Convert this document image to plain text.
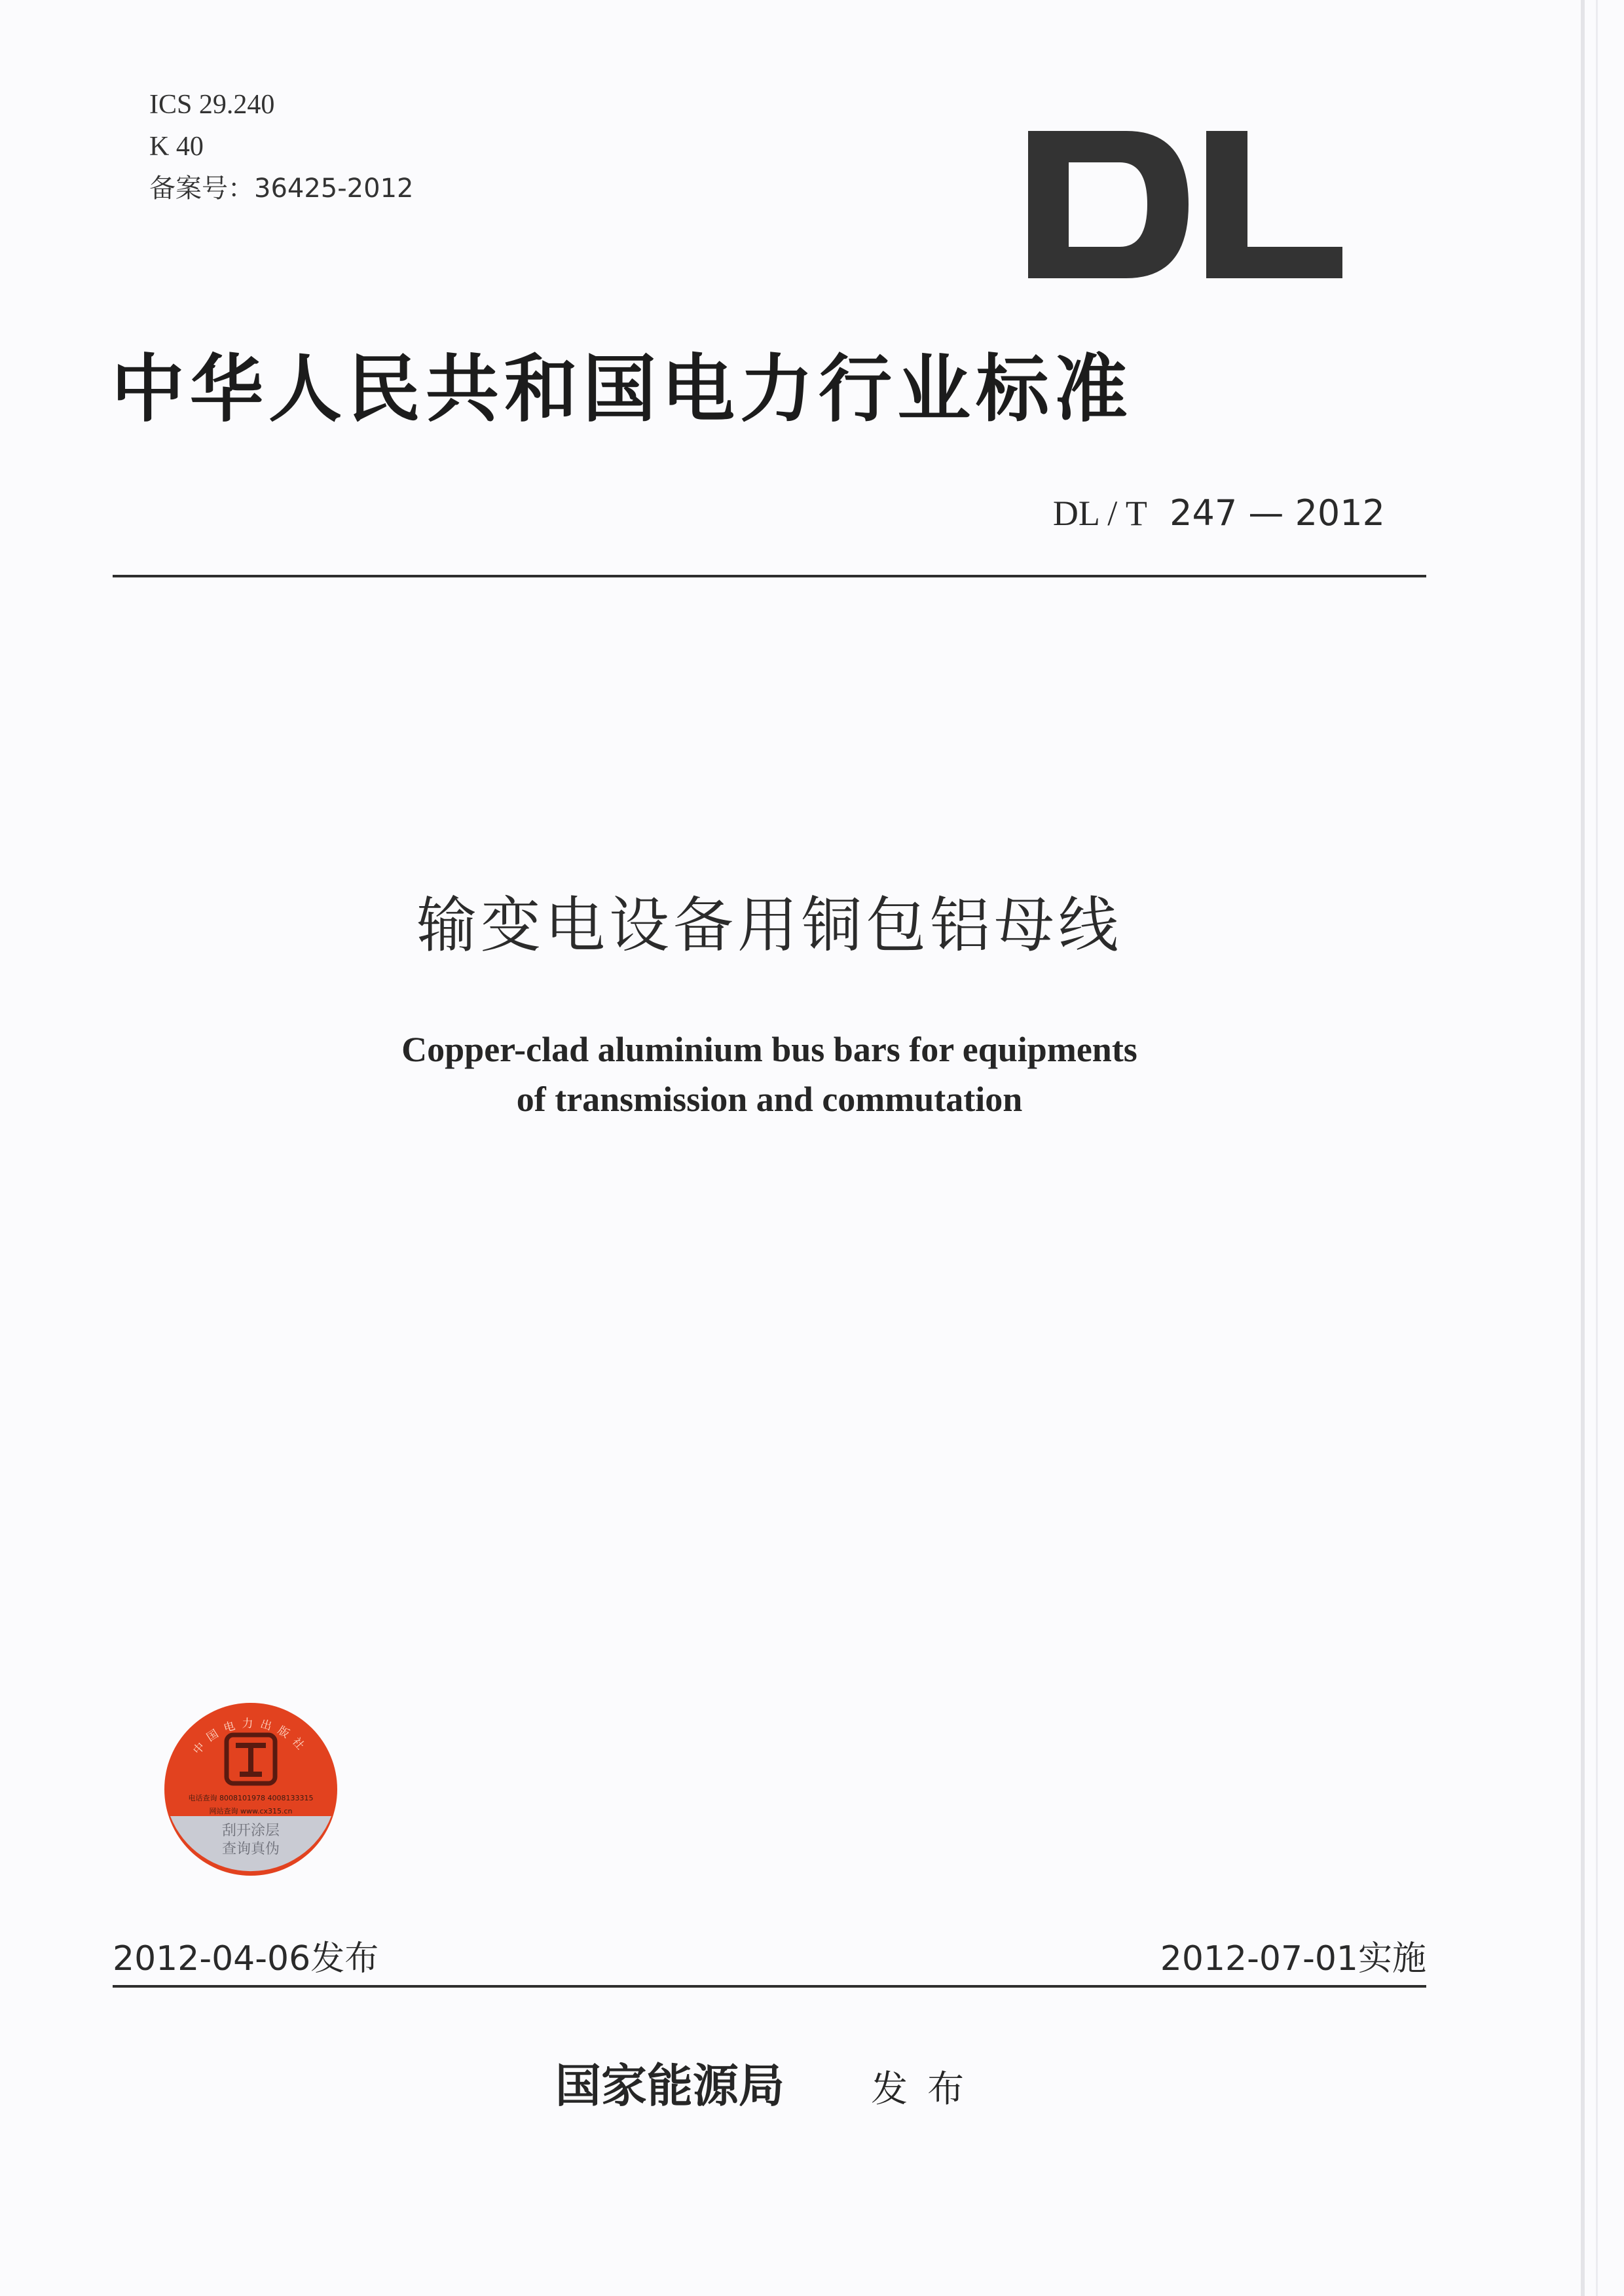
ICS 29.240
K 40
备案号：36425-2012
中华人民共和国电力行业标准
DL / T 247 — 2012
输变电设备用铜包铝母线
Copper-clad aluminium bus bars for equipments
of transmission and commutation
中国电力出版社
电话查询 8008101978 4008133315
网站查询 www.cx315.cn
刮开涂层
查询真伪
2012-04-06发布	2012-07-01实施
国家能源局 发布
